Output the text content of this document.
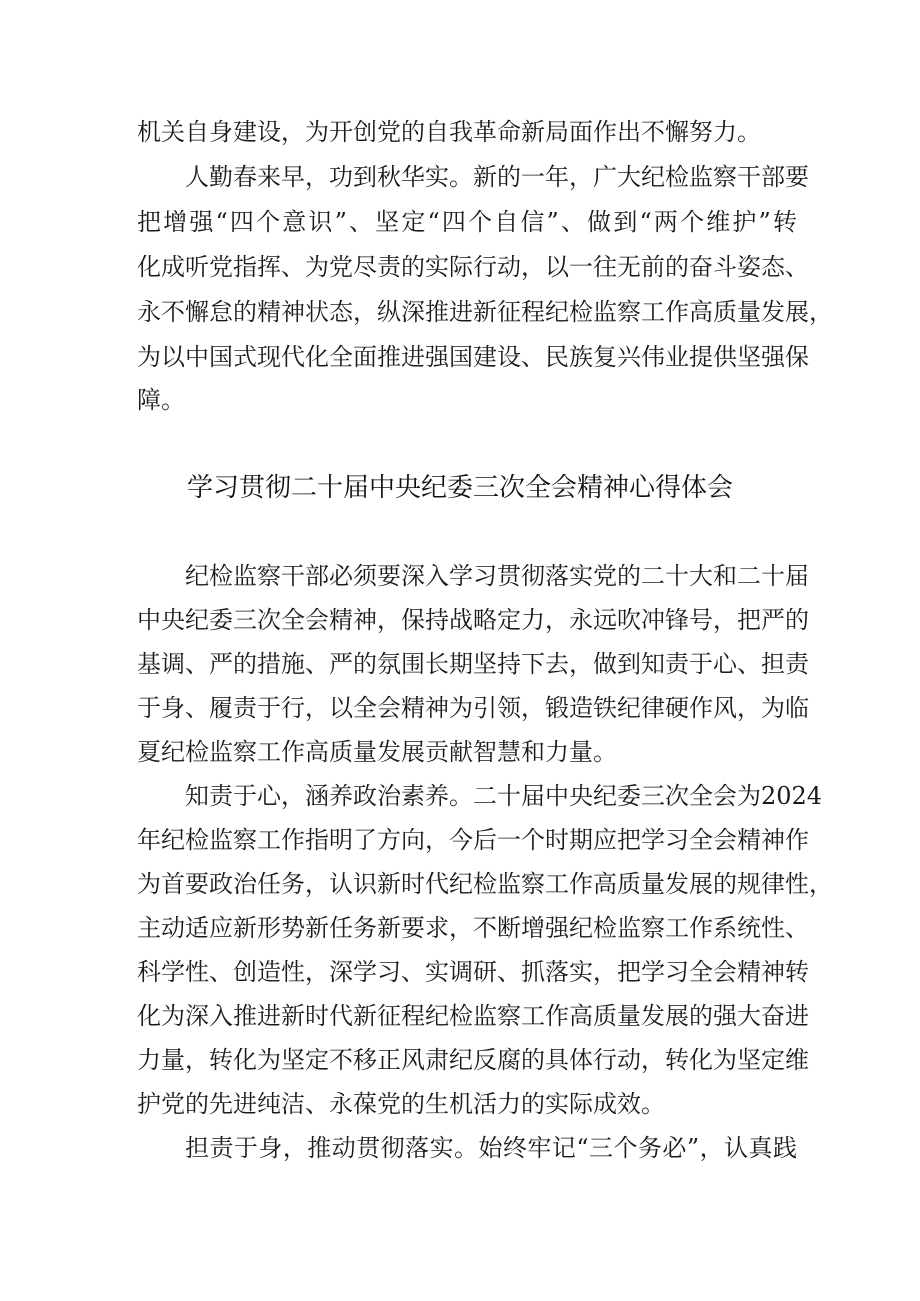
机关自身建设，为开创党的自我革命新局面作出不懈努力。
人勤春来早，功到秋华实。新的一年，广大纪检监察干部要
把增强“四个意识”、坚定“四个自信”、做到“两个维护”转
化成听党指挥、为党尽责的实际行动，以一往无前的奋斗姿态、
永不懈怠的精神状态，纵深推进新征程纪检监察工作高质量发展，
为以中国式现代化全面推进强国建设、民族复兴伟业提供坚强保
障。
学习贯彻二十届中央纪委三次全会精神心得体会
纪检监察干部必须要深入学习贯彻落实党的二十大和二十届
中央纪委三次全会精神，保持战略定力，永远吹冲锋号，把严的
基调、严的措施、严的氛围长期坚持下去，做到知责于心、担责
于身、履责于行，以全会精神为引领，锻造铁纪律硬作风，为临
夏纪检监察工作高质量发展贡献智慧和力量。
知责于心，涵养政治素养。二十届中央纪委三次全会为2024
年纪检监察工作指明了方向，今后一个时期应把学习全会精神作
为首要政治任务，认识新时代纪检监察工作高质量发展的规律性，
主动适应新形势新任务新要求，不断增强纪检监察工作系统性、
科学性、创造性，深学习、实调研、抓落实，把学习全会精神转
化为深入推进新时代新征程纪检监察工作高质量发展的强大奋进
力量，转化为坚定不移正风肃纪反腐的具体行动，转化为坚定维
护党的先进纯洁、永葆党的生机活力的实际成效。
担责于身，推动贯彻落实。始终牢记“三个务必”，认真践
